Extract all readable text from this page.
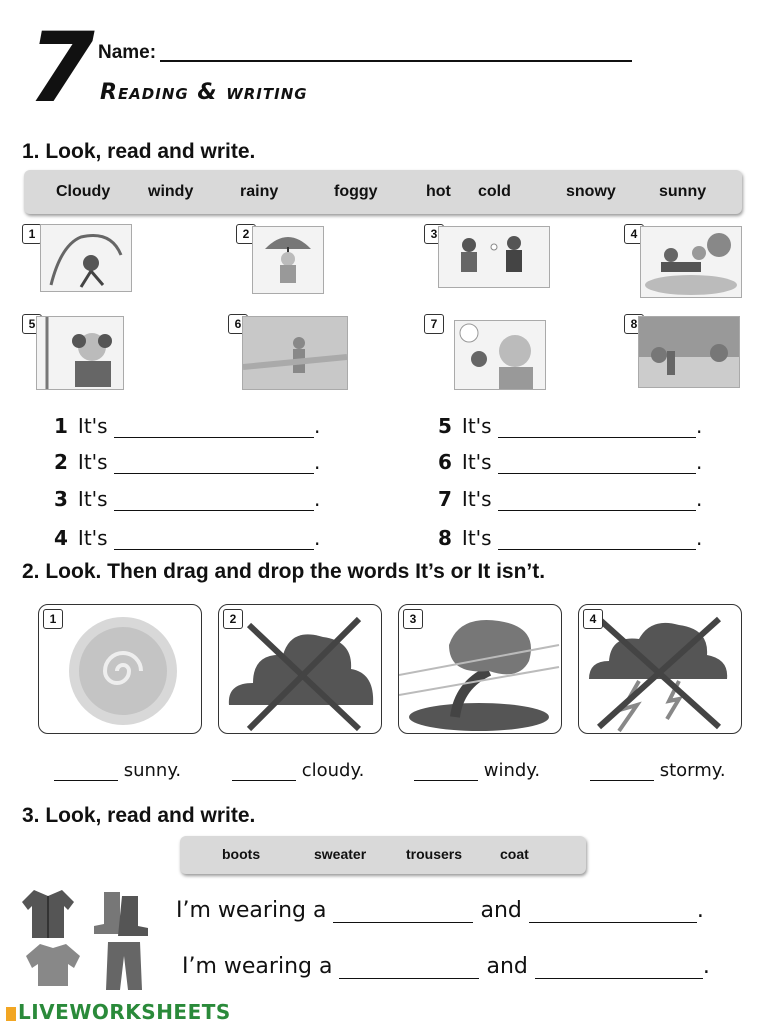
7 Name:
Reading & writing
1. Look, read and write.
Cloudy windy	rainy	foggy	hot cold	snowy	sunny
1	2	3	4
5	6	7	8
1 It's	.
2 It's	.
3 It's	.
4 It's	.
5 It's	.
6 It's	.
7 It's	.
8 It's	.
2. Look. Then drag and drop the words It’s or It isn’t.
1	2	3	4
sunny.	cloudy.	windy.	stormy.
3. Look, read and write.
boots	sweater	trousers	coat
I’m wearing a	and	.
I’m wearing a	and	.
LIVEWORKSHEETS
